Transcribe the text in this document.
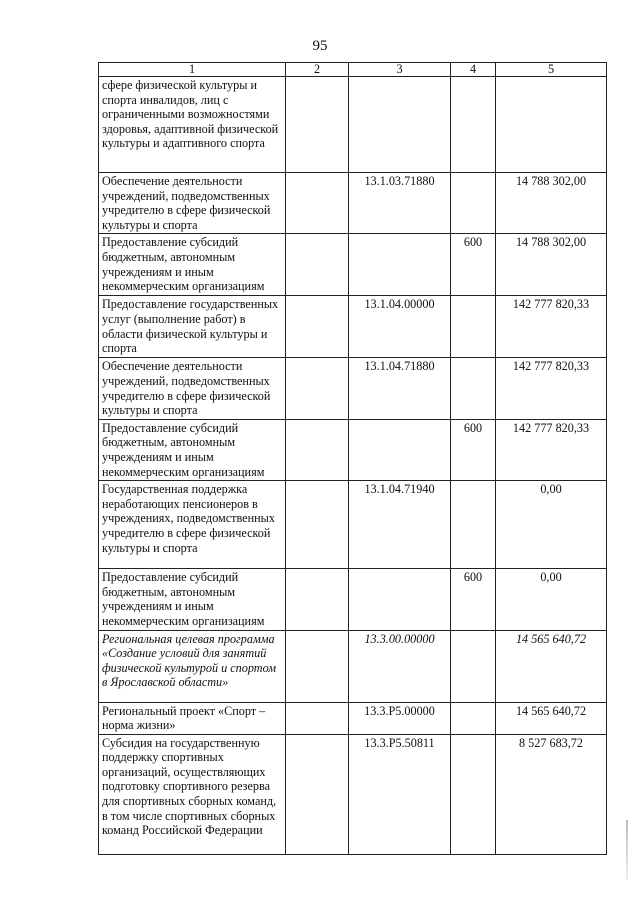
95
1	2	3	4	5
сфере физической культуры и спорта инвалидов, лиц с ограниченными возможностями здоровья, адаптивной физической культуры и адаптивного спорта				
Обеспечение деятельности учреждений, подведомственных учредителю в сфере физической культуры и спорта		13.1.03.71880		14 788 302,00
Предоставление субсидий бюджетным, автономным учреждениям и иным некоммерческим организациям			600	14 788 302,00
Предоставление государственных услуг (выполнение работ) в области физической культуры и спорта		13.1.04.00000		142 777 820,33
Обеспечение деятельности учреждений, подведомственных учредителю в сфере физической культуры и спорта		13.1.04.71880		142 777 820,33
Предоставление субсидий бюджетным, автономным учреждениям и иным некоммерческим организациям			600	142 777 820,33
Государственная поддержка неработающих пенсионеров в учреждениях, подведомственных учредителю в сфере физической культуры и спорта		13.1.04.71940		0,00
Предоставление субсидий бюджетным, автономным учреждениям и иным некоммерческим организациям			600	0,00
Региональная целевая программа «Создание условий для занятий физической культурой и спортом в Ярославской области»		13.3.00.00000		14 565 640,72
Региональный проект «Спорт – норма жизни»		13.3.P5.00000		14 565 640,72
Субсидия на государственную поддержку спортивных организаций, осуществляющих подготовку спортивного резерва для спортивных сборных команд, в том числе спортивных сборных команд Российской Федерации		13.3.P5.50811		8 527 683,72
